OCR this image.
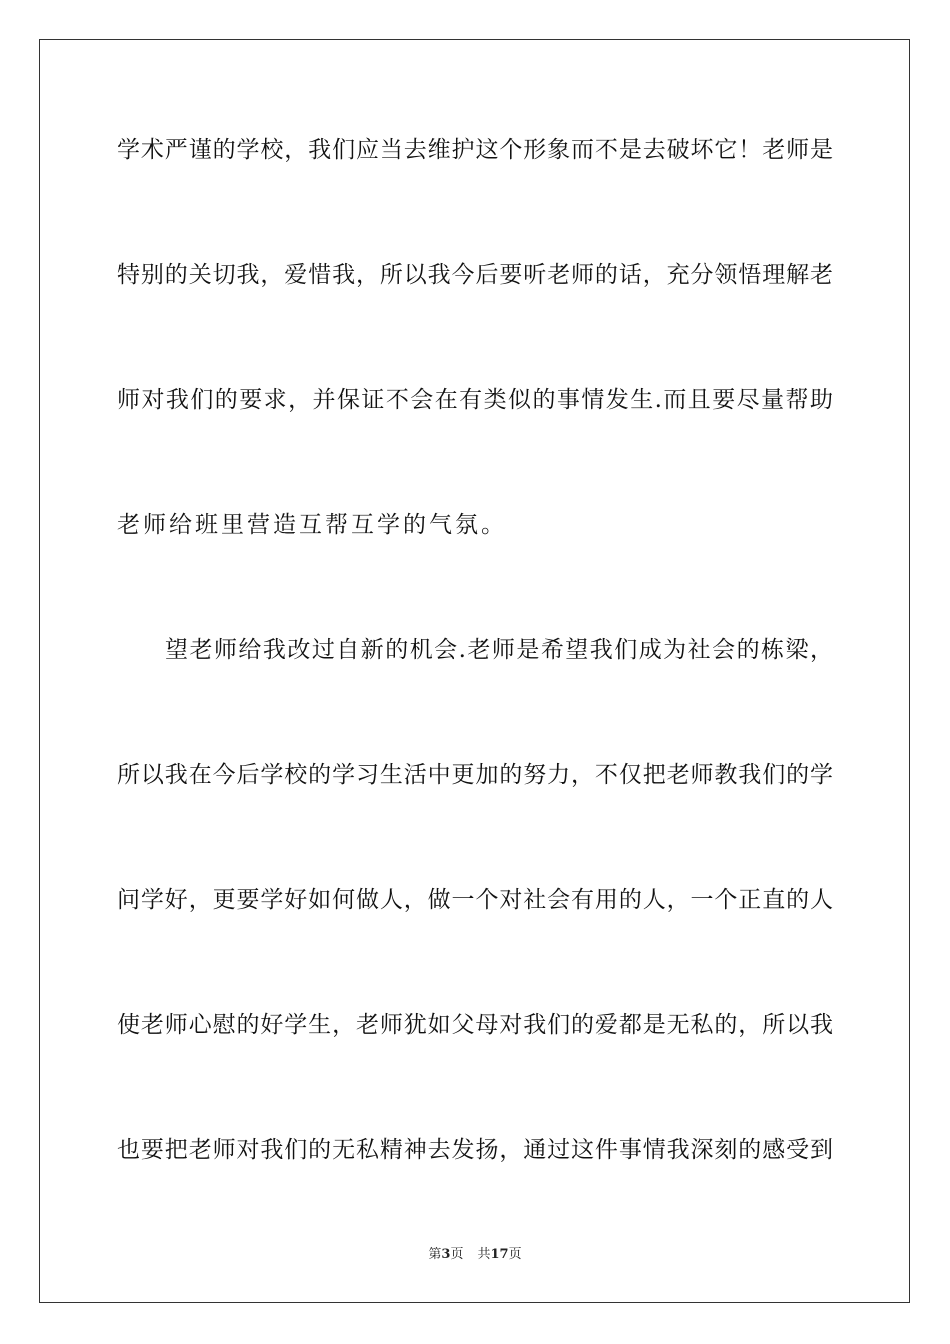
学术严谨的学校，我们应当去维护这个形象而不是去破坏它！老师是
特别的关切我，爱惜我，所以我今后要听老师的话，充分领悟理解老
师对我们的要求，并保证不会在有类似的事情发生.而且要尽量帮助
老师给班里营造互帮互学的气氛。
望老师给我改过自新的机会.老师是希望我们成为社会的栋梁，
所以我在今后学校的学习生活中更加的努力，不仅把老师教我们的学
问学好，更要学好如何做人，做一个对社会有用的人，一个正直的人
使老师心慰的好学生，老师犹如父母对我们的爱都是无私的，所以我
也要把老师对我们的无私精神去发扬，通过这件事情我深刻的感受到
第3页 共17页
